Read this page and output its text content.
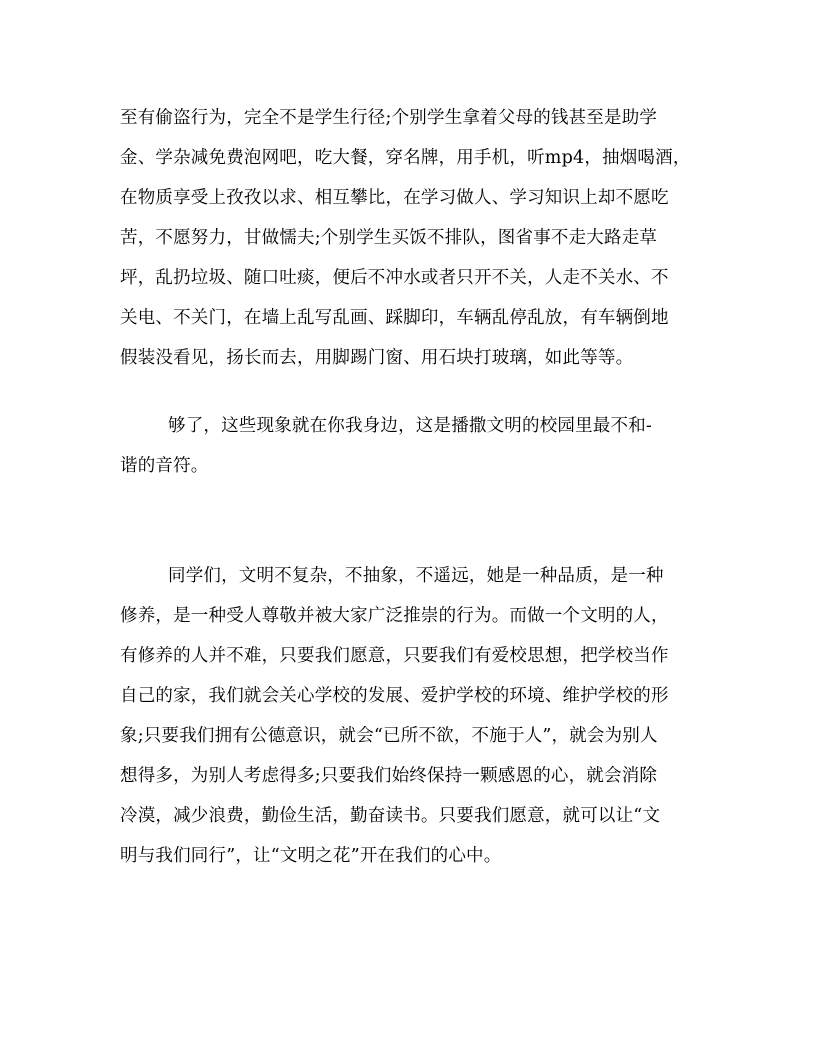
至有偷盗行为，完全不是学生行径;个别学生拿着父母的钱甚至是助学
金、学杂减免费泡网吧，吃大餐，穿名牌，用手机，听mp4，抽烟喝酒，
在物质享受上孜孜以求、相互攀比，在学习做人、学习知识上却不愿吃
苦，不愿努力，甘做懦夫;个别学生买饭不排队，图省事不走大路走草
坪，乱扔垃圾、随口吐痰，便后不冲水或者只开不关，人走不关水、不
关电、不关门，在墙上乱写乱画、踩脚印，车辆乱停乱放，有车辆倒地
假装没看见，扬长而去，用脚踢门窗、用石块打玻璃，如此等等。
够了，这些现象就在你我身边，这是播撒文明的校园里最不和-
谐的音符。
同学们，文明不复杂，不抽象，不遥远，她是一种品质，是一种
修养，是一种受人尊敬并被大家广泛推崇的行为。而做一个文明的人，
有修养的人并不难，只要我们愿意，只要我们有爱校思想，把学校当作
自己的家，我们就会关心学校的发展、爱护学校的环境、维护学校的形
象;只要我们拥有公德意识，就会“已所不欲，不施于人”，就会为别人
想得多，为别人考虑得多;只要我们始终保持一颗感恩的心，就会消除
冷漠，减少浪费，勤俭生活，勤奋读书。只要我们愿意，就可以让“文
明与我们同行”，让“文明之花”开在我们的心中。
